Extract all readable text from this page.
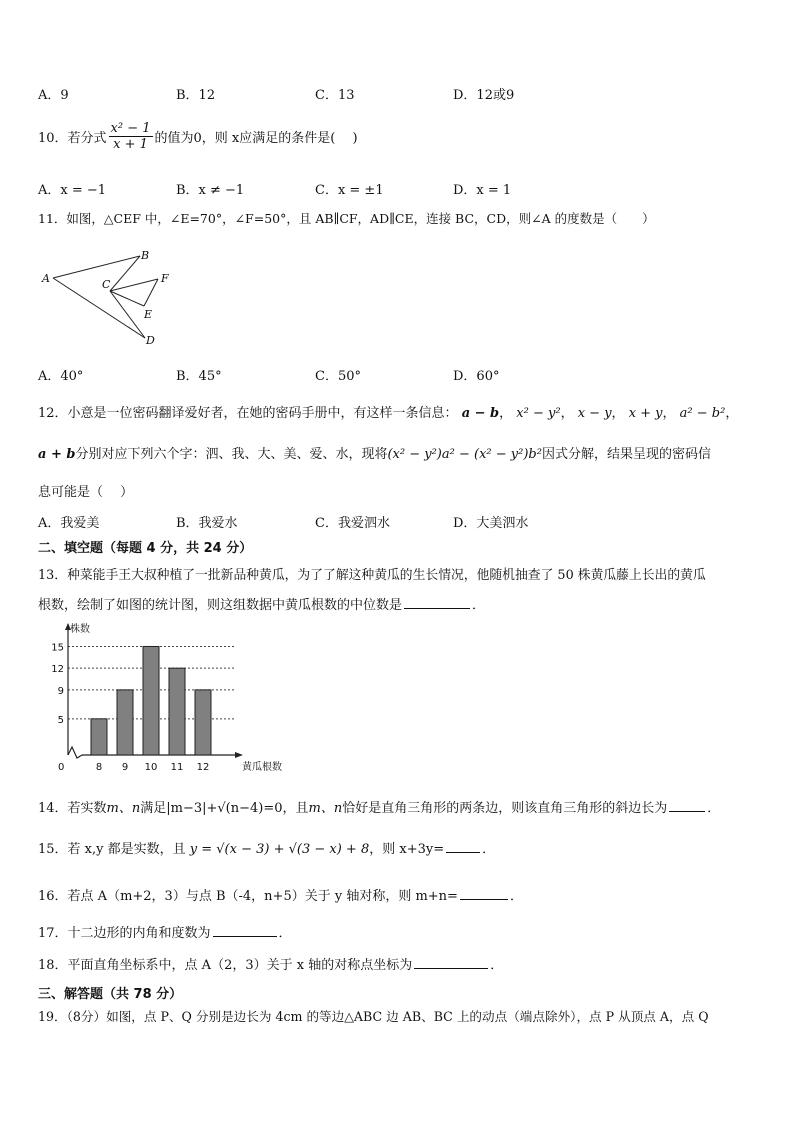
A．9	B．12	C．13	D．12或9
10．若分式 $\frac{\text{x² − 1}}{x + 1}$ 的值为0，则 x应满足的条件是(　 )
A．x = −1	B．x ≠ −1	C．x = ±1	D．x = 1
11．如图，△CEF 中，∠E=70°，∠F=50°，且 AB∥CF，AD∥CE，连接 BC，CD，则∠A 的度数是（　　）
A
B
C
D
E
F
A．40°	B．45°	C．50°	D．60°
12．小意是一位密码翻译爱好者，在她的密码手册中，有这样一条信息： a − b， x² − y²， x − y， x + y， a² − b²，
a + b分别对应下列六个字：泗、我、大、美、爱、水，现将(x² − y²)a² − (x² − y²)b²因式分解，结果呈现的密码信
息可能是（　 ）
A．我爱美	B．我爱水	C．我爱泗水	D．大美泗水
二、填空题（每题 4 分，共 24 分）
13．种菜能手王大叔种植了一批新品种黄瓜，为了了解这种黄瓜的生长情况，他随机抽查了 50 株黄瓜藤上长出的黄瓜
根数，绘制了如图的统计图，则这组数据中黄瓜根数的中位数是	．
5
9
12
15
株数
黄瓜根数
0	8 9 10 11 12
14．若实数m、n满足|m−3|+√(n−4)=0，且m、n恰好是直角三角形的两条边，则该直角三角形的斜边长为	．
15．若 x,y 都是实数，且 y = √(x − 3) + √(3 − x) + 8，则 x+3y=	．
16．若点 A（m+2，3）与点 B（-4，n+5）关于 y 轴对称，则 m+n=	．
17．十二边形的内角和度数为	．
18．平面直角坐标系中，点 A（2，3）关于 x 轴的对称点坐标为	．
三、解答题（共 78 分）
19．（8分）如图，点 P、Q 分别是边长为 4cm 的等边△ABC 边 AB、BC 上的动点（端点除外），点 P 从顶点 A，点 Q
